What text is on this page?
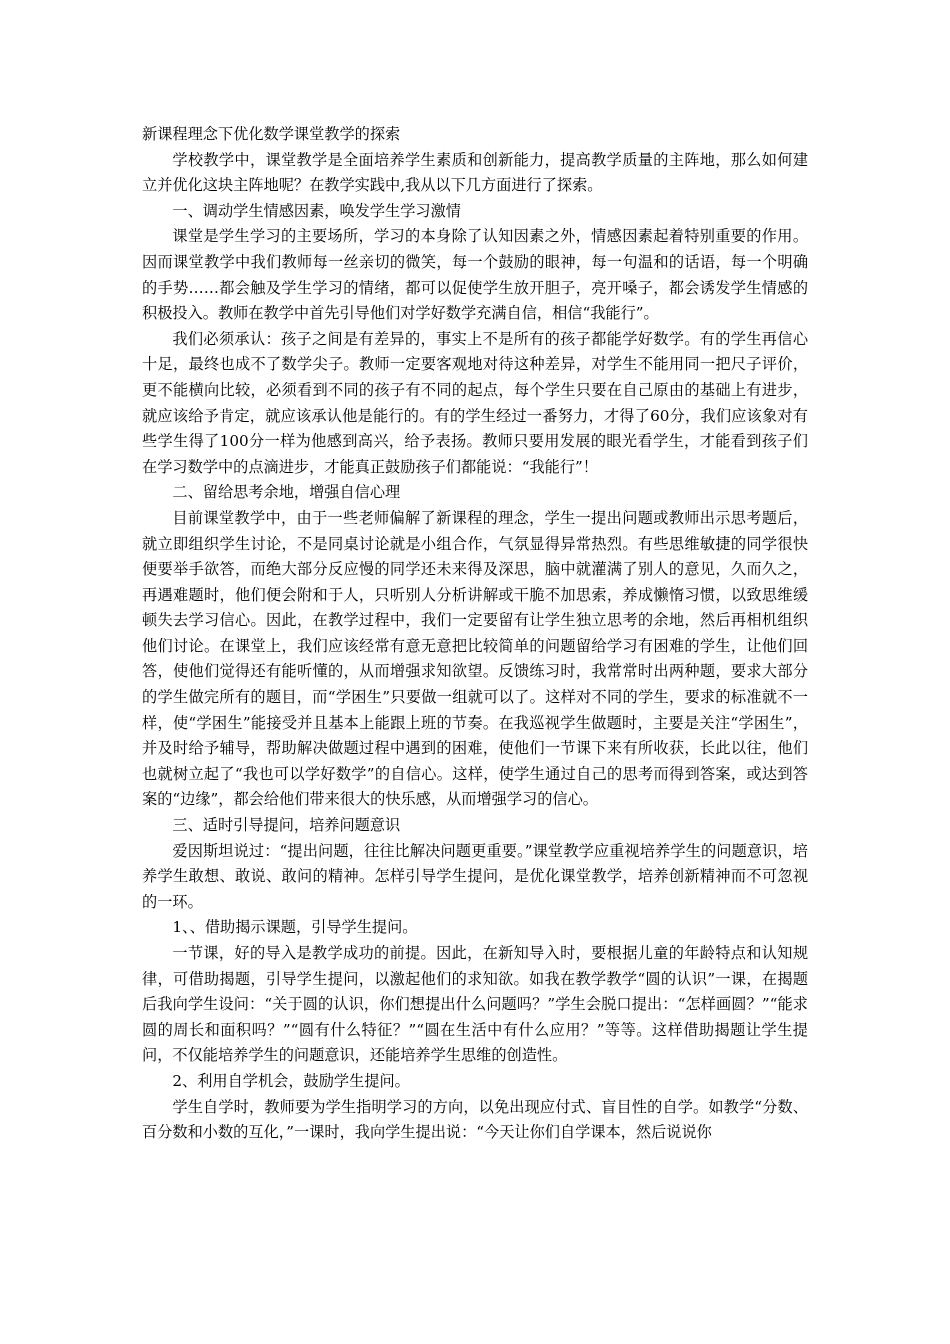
新课程理念下优化数学课堂教学的探索

学校教学中，课堂教学是全面培养学生素质和创新能力，提高教学质量的主阵地，那么如何建立并优化这块主阵地呢？在教学实践中,我从以下几方面进行了探索。

一、调动学生情感因素，唤发学生学习激情

课堂是学生学习的主要场所，学习的本身除了认知因素之外，情感因素起着特别重要的作用。因而课堂教学中我们教师每一丝亲切的微笑，每一个鼓励的眼神，每一句温和的话语，每一个明确的手势……都会触及学生学习的情绪，都可以促使学生放开胆子，亮开嗓子，都会诱发学生情感的积极投入。教师在教学中首先引导他们对学好数学充满自信，相信“我能行”。

我们必须承认：孩子之间是有差异的，事实上不是所有的孩子都能学好数学。有的学生再信心十足，最终也成不了数学尖子。教师一定要客观地对待这种差异，对学生不能用同一把尺子评价，更不能横向比较，必须看到不同的孩子有不同的起点，每个学生只要在自己原由的基础上有进步，就应该给予肯定，就应该承认他是能行的。有的学生经过一番努力，才得了60分，我们应该象对有些学生得了100分一样为他感到高兴，给予表扬。教师只要用发展的眼光看学生，才能看到孩子们在学习数学中的点滴进步，才能真正鼓励孩子们都能说：“我能行”！

二、留给思考余地，增强自信心理

目前课堂教学中，由于一些老师偏解了新课程的理念，学生一提出问题或教师出示思考题后，就立即组织学生讨论，不是同桌讨论就是小组合作，气氛显得异常热烈。有些思维敏捷的同学很快便要举手欲答，而绝大部分反应慢的同学还未来得及深思，脑中就灌满了别人的意见，久而久之，再遇难题时，他们便会附和于人，只听别人分析讲解或干脆不加思索，养成懒惰习惯，以致思维缓顿失去学习信心。因此，在教学过程中，我们一定要留有让学生独立思考的余地，然后再相机组织他们讨论。在课堂上，我们应该经常有意无意把比较简单的问题留给学习有困难的学生，让他们回答，使他们觉得还有能听懂的，从而增强求知欲望。反馈练习时，我常常时出两种题，要求大部分的学生做完所有的题目，而“学困生”只要做一组就可以了。这样对不同的学生，要求的标准就不一样，使“学困生”能接受并且基本上能跟上班的节奏。在我巡视学生做题时，主要是关注“学困生”，并及时给予辅导，帮助解决做题过程中遇到的困难，使他们一节课下来有所收获，长此以往，他们也就树立起了“我也可以学好数学”的自信心。这样，使学生通过自己的思考而得到答案，或达到答案的“边缘”，都会给他们带来很大的快乐感，从而增强学习的信心。

三、适时引导提问，培养问题意识

爱因斯坦说过：“提出问题，往往比解决问题更重要。”课堂教学应重视培养学生的问题意识，培养学生敢想、敢说、敢问的精神。怎样引导学生提问，是优化课堂教学，培养创新精神而不可忽视的一环。

1、、借助揭示课题，引导学生提问。

一节课，好的导入是教学成功的前提。因此，在新知导入时，要根据儿童的年龄特点和认知规律，可借助揭题，引导学生提问，以激起他们的求知欲。如我在教学教学“圆的认识”一课，在揭题后我向学生设问：“关于圆的认识，你们想提出什么问题吗？”学生会脱口提出：“怎样画圆？”“能求圆的周长和面积吗？”“圆有什么特征？”“圆在生活中有什么应用？”等等。这样借助揭题让学生提问，不仅能培养学生的问题意识，还能培养学生思维的创造性。

2、利用自学机会，鼓励学生提问。

学生自学时，教师要为学生指明学习的方向，以免出现应付式、盲目性的自学。如教学“分数、百分数和小数的互化，”一课时，我向学生提出说：“今天让你们自学课本，然后说说你
